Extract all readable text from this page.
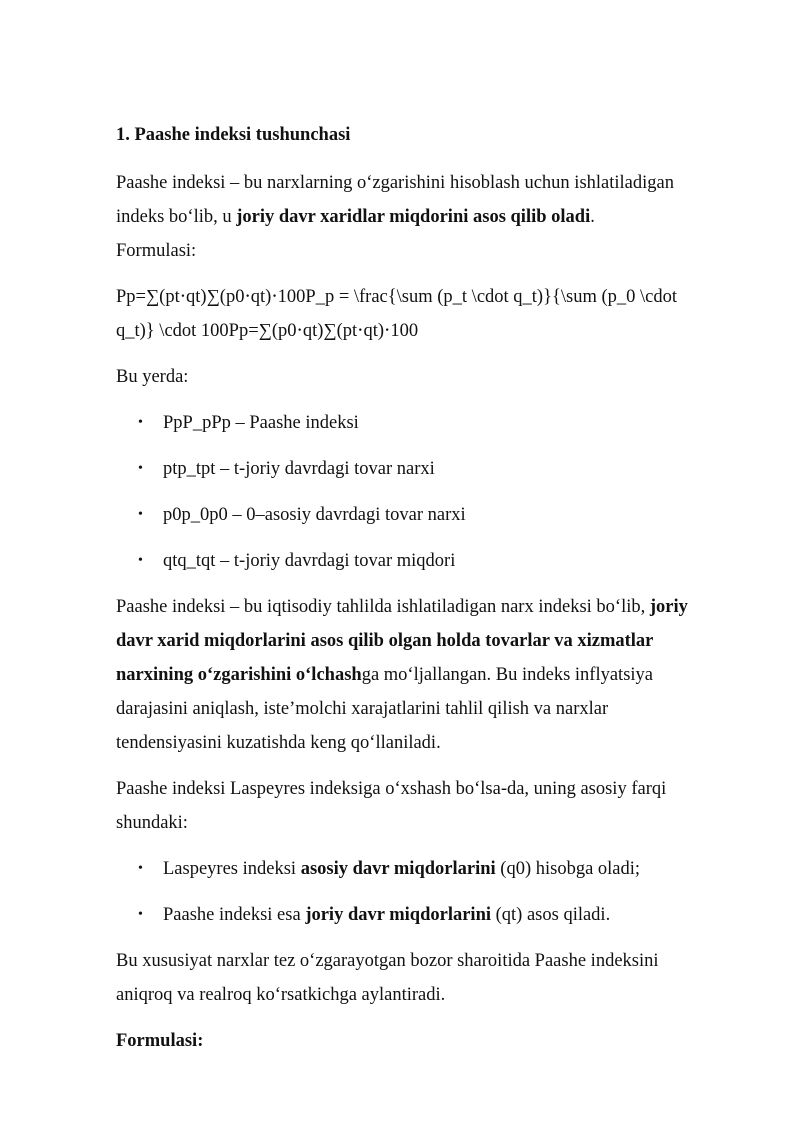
1. Paashe indeksi tushunchasi
Paashe indeksi – bu narxlarning o‘zgarishini hisoblash uchun ishlatiladigan
indeks bo‘lib, u joriy davr xaridlar miqdorini asos qilib oladi.
Formulasi:
Pp=∑(pt⋅qt)∑(p0⋅qt)⋅100P_p = \frac{\sum (p_t \cdot q_t)}{\sum (p_0 \cdot
q_t)} \cdot 100Pp=∑(p0⋅qt)∑(pt⋅qt)⋅100
Bu yerda:
• PpP_pPp – Paashe indeksi
• ptp_tpt – t-joriy davrdagi tovar narxi
• p0p_0p0 – 0–asosiy davrdagi tovar narxi
• qtq_tqt – t-joriy davrdagi tovar miqdori
Paashe indeksi – bu iqtisodiy tahlilda ishlatiladigan narx indeksi bo‘lib, joriy
davr xarid miqdorlarini asos qilib olgan holda tovarlar va xizmatlar
narxining o‘zgarishini o‘lchashga mo‘ljallangan. Bu indeks inflyatsiya
darajasini aniqlash, iste’molchi xarajatlarini tahlil qilish va narxlar
tendensiyasini kuzatishda keng qo‘llaniladi.
Paashe indeksi Laspeyres indeksiga o‘xshash bo‘lsa-da, uning asosiy farqi
shundaki:
• Laspeyres indeksi asosiy davr miqdorlarini (q0) hisobga oladi;
• Paashe indeksi esa joriy davr miqdorlarini (qt) asos qiladi.
Bu xususiyat narxlar tez o‘zgarayotgan bozor sharoitida Paashe indeksini
aniqroq va realroq ko‘rsatkichga aylantiradi.
Formulasi:
